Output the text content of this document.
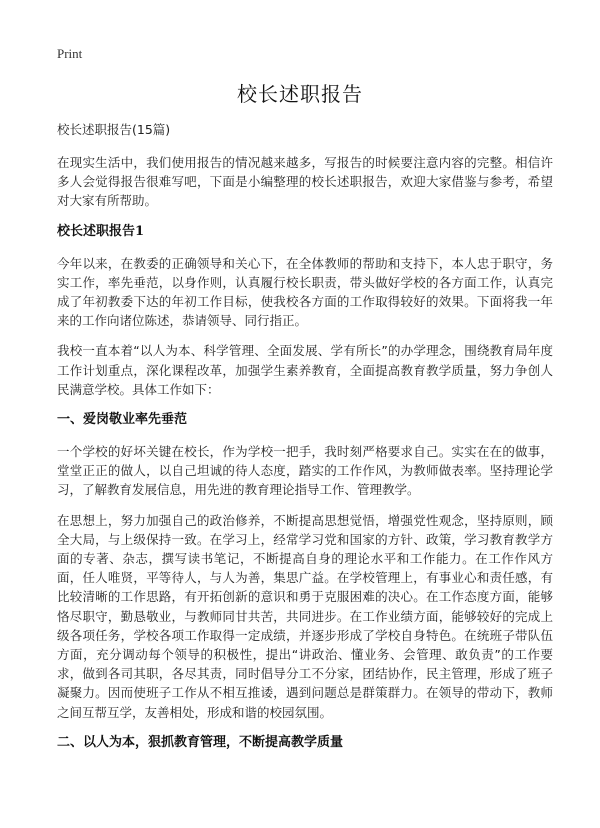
Print
校长述职报告

校长述职报告(15篇)

在现实生活中，我们使用报告的情况越来越多，写报告的时候要注意内容的完整。相信许多人会觉得报告很难写吧，下面是小编整理的校长述职报告，欢迎大家借鉴与参考，希望对大家有所帮助。

校长述职报告1

今年以来，在教委的正确领导和关心下，在全体教师的帮助和支持下，本人忠于职守，务实工作，率先垂范，以身作则，认真履行校长职责，带头做好学校的各方面工作，认真完成了年初教委下达的年初工作目标，使我校各方面的工作取得较好的效果。下面将我一年来的工作向诸位陈述，恭请领导、同行指正。

我校一直本着“以人为本、科学管理、全面发展、学有所长”的办学理念，围绕教育局年度工作计划重点，深化课程改革，加强学生素养教育，全面提高教育教学质量，努力争创人民满意学校。具体工作如下：

一、爱岗敬业率先垂范

一个学校的好坏关键在校长，作为学校一把手，我时刻严格要求自己。实实在在的做事，堂堂正正的做人，以自己坦诚的待人态度，踏实的工作作风，为教师做表率。坚持理论学习，了解教育发展信息，用先进的教育理论指导工作、管理教学。

在思想上，努力加强自己的政治修养，不断提高思想觉悟，增强党性观念，坚持原则，顾全大局，与上级保持一致。在学习上，经常学习党和国家的方针、政策，学习教育教学方面的专著、杂志，撰写读书笔记，不断提高自身的理论水平和工作能力。在工作作风方面，任人唯贤，平等待人，与人为善，集思广益。在学校管理上，有事业心和责任感，有比较清晰的工作思路，有开拓创新的意识和勇于克服困难的决心。在工作态度方面，能够恪尽职守，勤恳敬业，与教师同甘共苦，共同进步。在工作业绩方面，能够较好的完成上级各项任务，学校各项工作取得一定成绩，并逐步形成了学校自身特色。在统班子带队伍方面，充分调动每个领导的积极性，提出“讲政治、懂业务、会管理、敢负责”的工作要求，做到各司其职，各尽其责，同时倡导分工不分家，团结协作，民主管理，形成了班子凝聚力。因而使班子工作从不相互推诿，遇到问题总是群策群力。在领导的带动下，教师之间互帮互学，友善相处，形成和谐的校园氛围。

二、以人为本，狠抓教育管理，不断提高教学质量
